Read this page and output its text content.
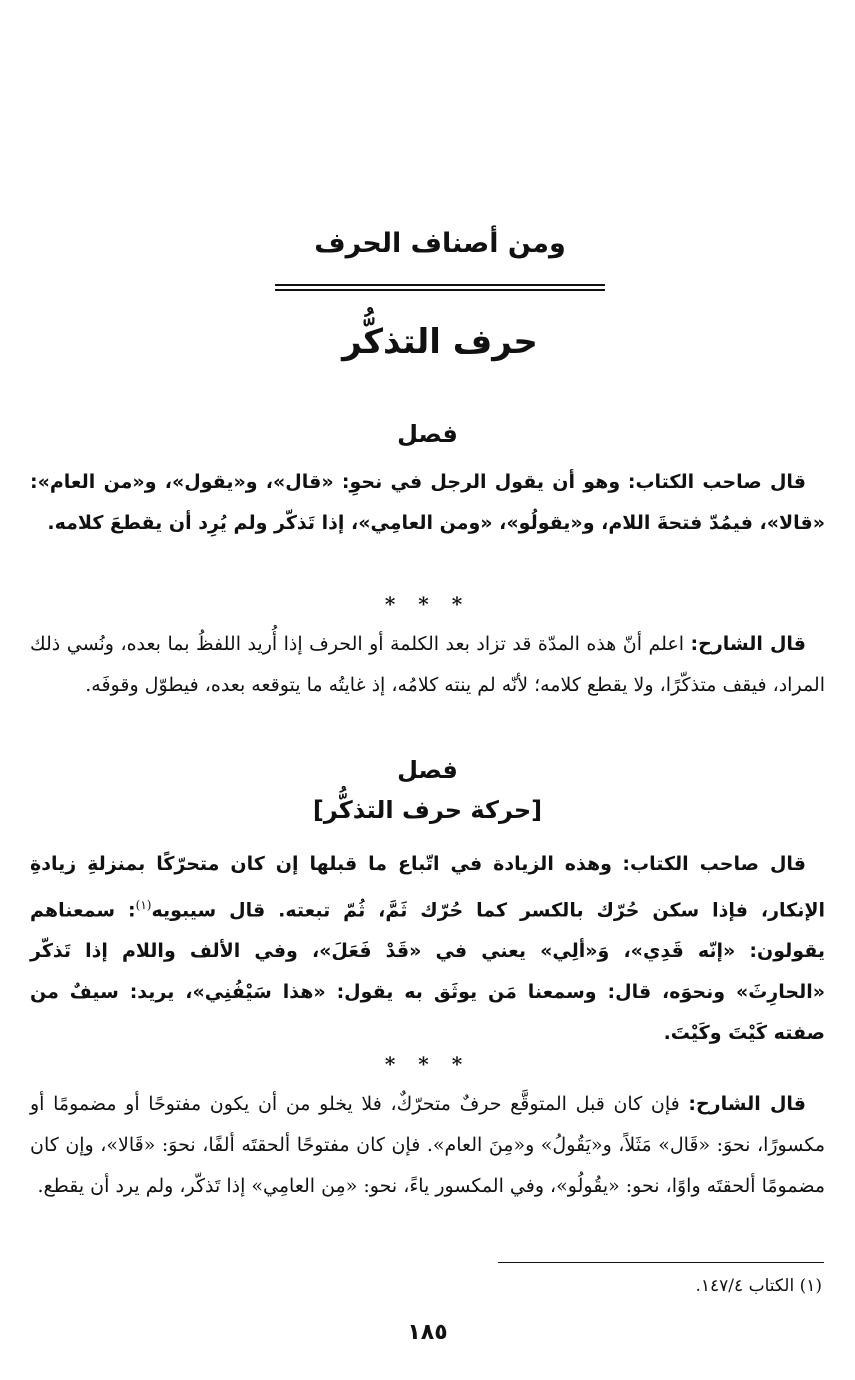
ومن أصناف الحرف
حرف التذكُّر
فصل
 قال صاحب الكتاب: وهو أن يقول الرجل في نحوِ: «قال»، و«يقول»، و«من العام»: «قالا»، فيمُدّ فتحةَ اللام، و«يقولُو»، «ومن العامِي»، إذا تَذكّر ولم يُرِد أن يقطعَ كلامه.
* * *
 قال الشارح: اعلم أنّ هذه المدّة قد تزاد بعد الكلمة أو الحرف إذا أُريد اللفظُ بما بعده، ونُسي ذلك المراد، فيقف متذكّرًا، ولا يقطع كلامه؛ لأنّه لم ينته كلامُه، إذ غايتُه ما يتوقعه بعده، فيطوّل وقوفَه.
فصل
[حركة حرف التذكُّر]
 قال صاحب الكتاب: وهذه الزيادة في اتّباع ما قبلها إن كان متحرّكًا بمنزلةِ زيادةِ الإنكار، فإذا سكن حُرّك بالكسر كما حُرّك ثَمَّ، ثُمّ تبعته. قال سيبويه$^{(١)}$: سمعناهم يقولون: «إنّه قَدِي»، وَ«ألِي» يعني في «قَدْ فَعَلَ»، وفي الألف واللام إذا تَذكّر «الحارِثَ» ونحوَه، قال: وسمعنا مَن يوثَق به يقول: «هذا سَيْفُنِي»، يريد: سيفٌ من صفته كَيْتَ وكَيْتَ.
* * *
 قال الشارح: فإن كان قبل المتوقَّع حرفٌ متحرّكٌ، فلا يخلو من أن يكون مفتوحًا أو مضمومًا أو مكسورًا، نحوَ: «قَال» مَثَلاً، و«يَقُولُ» و«مِنَ العام». فإن كان مفتوحًا ألحقتَه ألفًا، نحوَ: «قَالا»، وإن كان مضمومًا ألحقتَه واوًا، نحو: «يقُولُو»، وفي المكسور ياءً، نحو: «مِن العامِي» إذا تَذكّر، ولم يرد أن يقطع.
(١) الكتاب ١٤٧/٤.
١٨٥
